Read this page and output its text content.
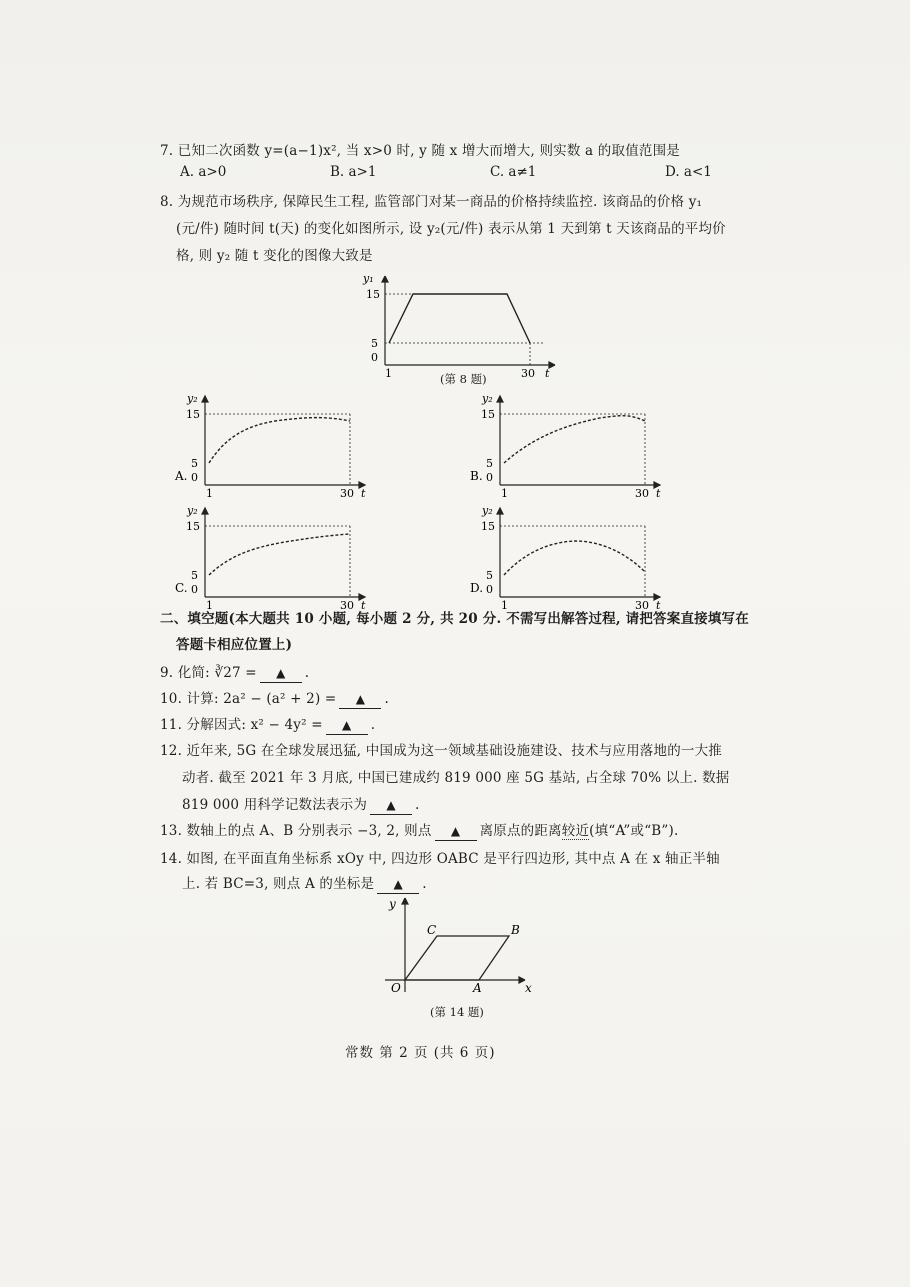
7. 已知二次函数 y=(a−1)x², 当 x>0 时, y 随 x 增大而增大, 则实数 a 的取值范围是
A. a>0	B. a>1	C. a≠1	D. a<1
8. 为规范市场秩序, 保障民生工程, 监管部门对某一商品的价格持续监控. 该商品的价格 y₁
(元/件) 随时间 t(天) 的变化如图所示, 设 y₂(元/件) 表示从第 1 天到第 t 天该商品的平均价
格, 则 y₂ 随 t 变化的图像大致是
y₁
15
5
0
1	30 t
(第 8 题)
A.
y₂
15
5
0
1	30 t
B.
y₂
15
5
0
1	30 t
C.
y₂
15
5
0
1	30 t
D.
y₂
15
5
0
1	30 t
二、填空题(本大题共 10 小题, 每小题 2 分, 共 20 分. 不需写出解答过程, 请把答案直接填写在
答题卡相应位置上)
9. 化简: ∛27 = ▲ .
10. 计算: 2a² − (a² + 2) = ▲ .
11. 分解因式: x² − 4y² = ▲ .
12. 近年来, 5G 在全球发展迅猛, 中国成为这一领域基础设施建设、技术与应用落地的一大推
动者. 截至 2021 年 3 月底, 中国已建成约 819 000 座 5G 基站, 占全球 70% 以上. 数据
819 000 用科学记数法表示为 ▲ .
13. 数轴上的点 A、B 分别表示 −3, 2, 则点 ▲ 离原点的距离较近(填“A”或“B”).
14. 如图, 在平面直角坐标系 xOy 中, 四边形 OABC 是平行四边形, 其中点 A 在 x 轴正半轴
上. 若 BC=3, 则点 A 的坐标是 ▲ .
y
x
O	A
B
C
(第 14 题)
常数 第 2 页 (共 6 页)
